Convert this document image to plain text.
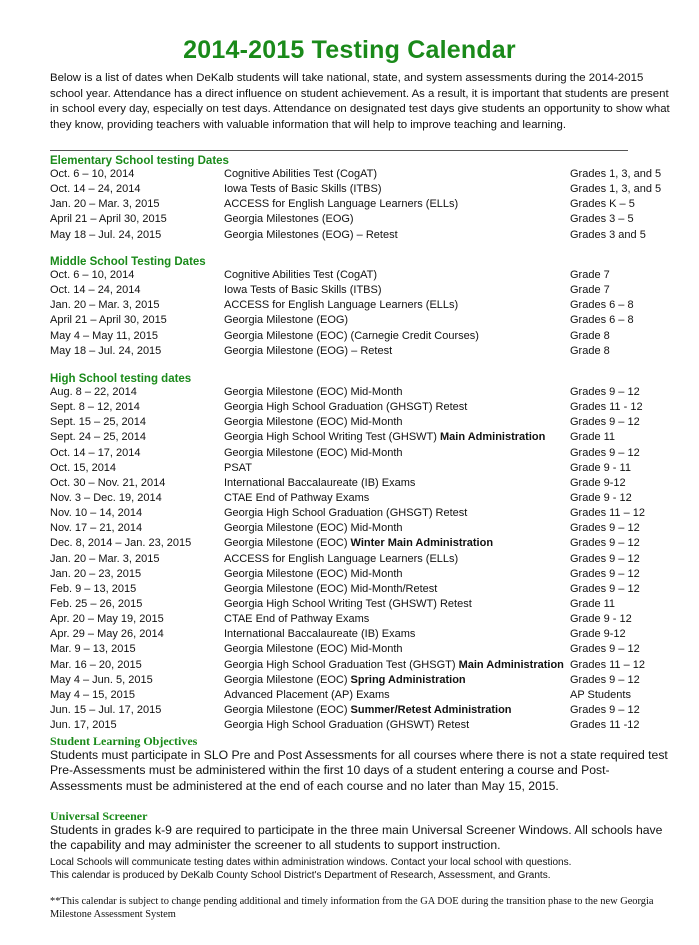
2014-2015 Testing Calendar
Below is a list of dates when DeKalb students will take national, state, and system assessments during the 2014-2015 school year. Attendance has a direct influence on student achievement. As a result, it is important that students are present in school every day, especially on test days. Attendance on designated test days give students an opportunity to show what they know, providing teachers with valuable information that will help to improve teaching and learning.
Elementary School testing Dates
Oct. 6 – 10, 2014	Cognitive Abilities Test (CogAT)	Grades 1, 3, and 5
Oct. 14 – 24, 2014	Iowa Tests of Basic Skills (ITBS)	Grades 1, 3, and 5
Jan. 20 – Mar. 3, 2015	ACCESS for English Language Learners (ELLs)	Grades K – 5
April 21 – April 30, 2015	Georgia Milestones (EOG)	Grades 3 – 5
May 18 – Jul. 24, 2015	Georgia Milestones (EOG) – Retest	Grades 3 and 5
Middle School Testing Dates
Oct. 6 – 10, 2014	Cognitive Abilities Test (CogAT)	Grade 7
Oct. 14 – 24, 2014	Iowa Tests of Basic Skills (ITBS)	Grade 7
Jan. 20 – Mar. 3, 2015	ACCESS for English Language Learners (ELLs)	Grades 6 – 8
April 21 – April 30, 2015	Georgia Milestone (EOG)	Grades 6 – 8
May 4 – May 11, 2015	Georgia Milestone (EOC) (Carnegie Credit Courses)	Grade 8
May 18 – Jul. 24, 2015	Georgia Milestone (EOG) – Retest	Grade 8
High School testing dates
Aug. 8 – 22, 2014	Georgia Milestone (EOC) Mid-Month	Grades 9 – 12
Sept. 8 – 12, 2014	Georgia High School Graduation (GHSGT) Retest	Grades 11 - 12
Sept. 15 – 25, 2014	Georgia Milestone (EOC) Mid-Month	Grades 9 – 12
Sept. 24 – 25, 2014	Georgia High School Writing Test (GHSWT) Main Administration Grade 11
Oct. 14 – 17, 2014	Georgia Milestone (EOC) Mid-Month	Grades 9 – 12
Oct. 15, 2014	PSAT	Grade 9 - 11
Oct. 30 – Nov. 21, 2014	International Baccalaureate (IB) Exams	Grade 9-12
Nov. 3 – Dec. 19, 2014	CTAE End of Pathway Exams	Grade 9 - 12
Nov. 10 – 14, 2014	Georgia High School Graduation (GHSGT) Retest	Grades 11 – 12
Nov. 17 – 21, 2014	Georgia Milestone (EOC) Mid-Month	Grades 9 – 12
Dec. 8, 2014 – Jan. 23, 2015	Georgia Milestone (EOC) Winter Main Administration	Grades 9 – 12
Jan. 20 – Mar. 3, 2015	ACCESS for English Language Learners (ELLs)	Grades 9 – 12
Jan. 20 – 23, 2015	Georgia Milestone (EOC) Mid-Month	Grades 9 – 12
Feb. 9 – 13, 2015	Georgia Milestone (EOC) Mid-Month/Retest	Grades 9 – 12
Feb. 25 – 26, 2015	Georgia High School Writing Test (GHSWT) Retest	Grade 11
Apr. 20 – May 19, 2015	CTAE End of Pathway Exams	Grade 9 - 12
Apr. 29 – May 26, 2014	International Baccalaureate (IB) Exams	Grade 9-12
Mar. 9 – 13, 2015	Georgia Milestone (EOC) Mid-Month	Grades 9 – 12
Mar. 16 – 20, 2015	Georgia High School Graduation Test (GHSGT) Main Administration Grades 11 – 12
May 4 – Jun. 5, 2015	Georgia Milestone (EOC) Spring Administration	Grades 9 – 12
May 4 – 15, 2015	Advanced Placement (AP) Exams	AP Students
Jun. 15 – Jul. 17, 2015	Georgia Milestone (EOC) Summer/Retest Administration	Grades 9 – 12
Jun. 17, 2015	Georgia High School Graduation (GHSWT) Retest	Grades 11 -12
Student Learning Objectives
Students must participate in SLO Pre and Post Assessments for all courses where there is not a state required test Pre-Assessments must be administered within the first 10 days of a student entering a course and Post-Assessments must be administered at the end of each course and no later than May 15, 2015.
Universal Screener
Students in grades k-9 are required to participate in the three main Universal Screener Windows. All schools have the capability and may administer the screener to all students to support instruction.
Local Schools will communicate testing dates within administration windows. Contact your local school with questions.
This calendar is produced by DeKalb County School District's Department of Research, Assessment, and Grants.
**This calendar is subject to change pending additional and timely information from the GA DOE during the transition phase to the new Georgia Milestone Assessment System
